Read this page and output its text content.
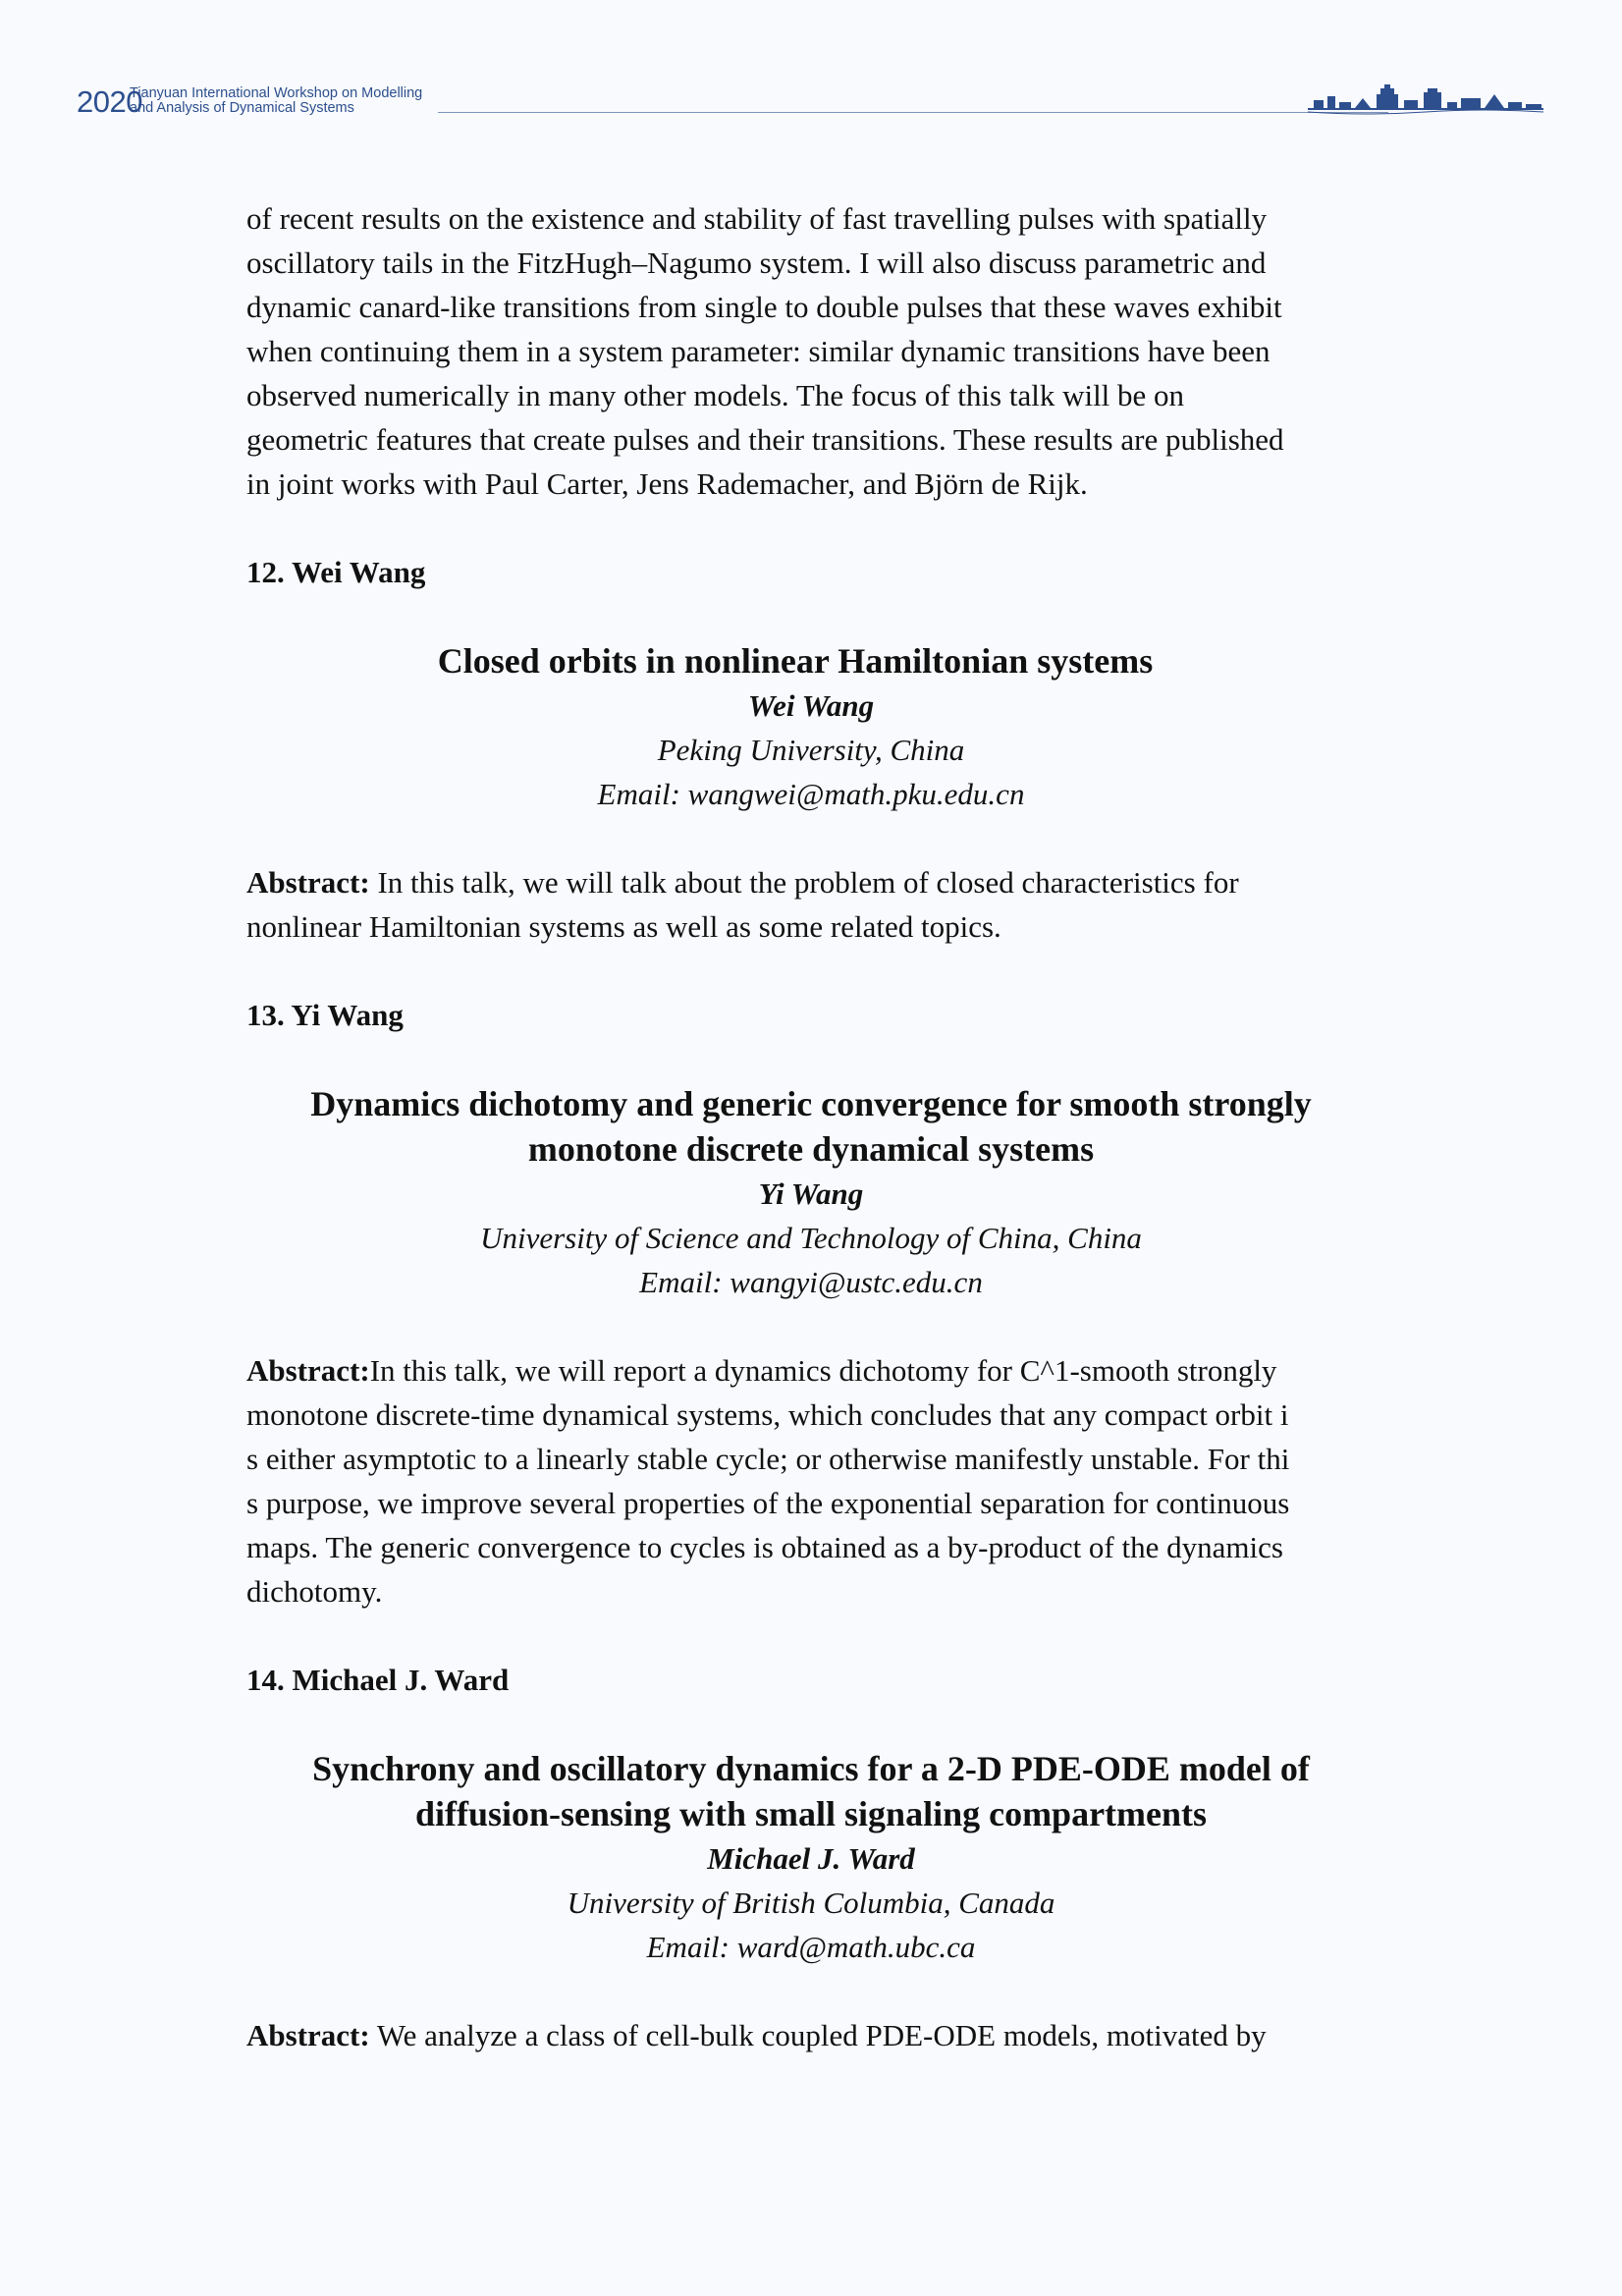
2020
Tianyuan International Workshop on Modelling
and Analysis of Dynamical Systems

of recent results on the existence and stability of fast travelling pulses with spatially

oscillatory tails in the FitzHugh–Nagumo system. I will also discuss parametric and

dynamic canard-like transitions from single to double pulses that these waves exhibit

when continuing them in a system parameter: similar dynamic transitions have been

observed numerically in many other models. The focus of this talk will be on

geometric features that create pulses and their transitions. These results are published

in joint works with Paul Carter, Jens Rademacher, and Björn de Rijk.

12. Wei Wang

Closed orbits in nonlinear Hamiltonian systems

Wei Wang

Peking University, China

Email: wangwei@math.pku.edu.cn

Abstract: In this talk, we will talk about the problem of closed characteristics for

nonlinear Hamiltonian systems as well as some related topics.

13. Yi Wang

Dynamics dichotomy and generic convergence for smooth strongly

monotone discrete dynamical systems

Yi Wang

University of Science and Technology of China, China

Email: wangyi@ustc.edu.cn

Abstract:In this talk, we will report a dynamics dichotomy for C^1-smooth strongly

monotone discrete-time dynamical systems, which concludes that any compact orbit i

s either asymptotic to a linearly stable cycle; or otherwise manifestly unstable. For thi

s purpose, we improve several properties of the exponential separation for continuous

maps. The generic convergence to cycles is obtained as a by-product of the dynamics

dichotomy.

14. Michael J. Ward

Synchrony and oscillatory dynamics for a 2-D PDE-ODE model of

diffusion-sensing with small signaling compartments

Michael J. Ward

University of British Columbia, Canada

Email: ward@math.ubc.ca

Abstract: We analyze a class of cell-bulk coupled PDE-ODE models, motivated by
